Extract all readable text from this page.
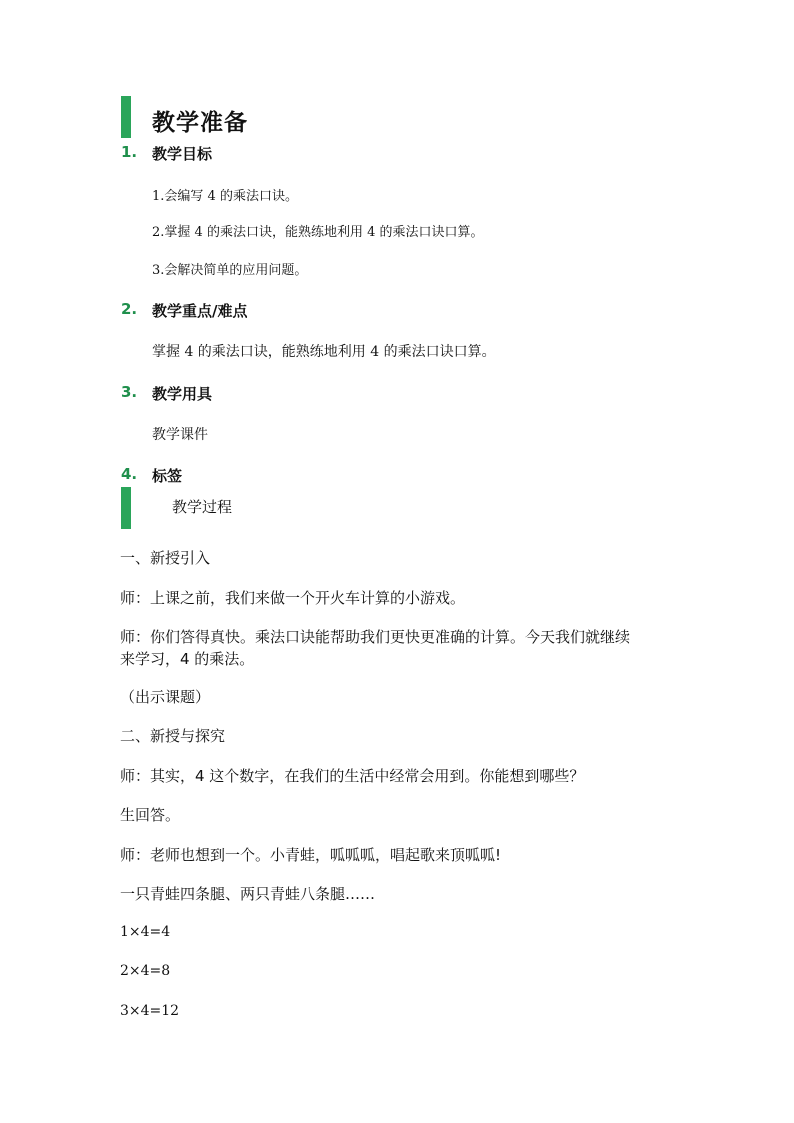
教学准备
1. 教学目标
1.会编写 4 的乘法口诀。
2.掌握 4 的乘法口诀，能熟练地利用 4 的乘法口诀口算。
3.会解决简单的应用问题。
2. 教学重点/难点
掌握 4 的乘法口诀，能熟练地利用 4 的乘法口诀口算。
3. 教学用具
教学课件
4. 标签
教学过程
一、新授引入
师：上课之前，我们来做一个开火车计算的小游戏。
师：你们答得真快。乘法口诀能帮助我们更快更准确的计算。今天我们就继续
来学习，4 的乘法。
（出示课题）
二、新授与探究
师：其实，4 这个数字，在我们的生活中经常会用到。你能想到哪些？
生回答。
师：老师也想到一个。小青蛙，呱呱呱，唱起歌来顶呱呱!
一只青蛙四条腿、两只青蛙八条腿……
1×4=4
2×4=8
3×4=12
